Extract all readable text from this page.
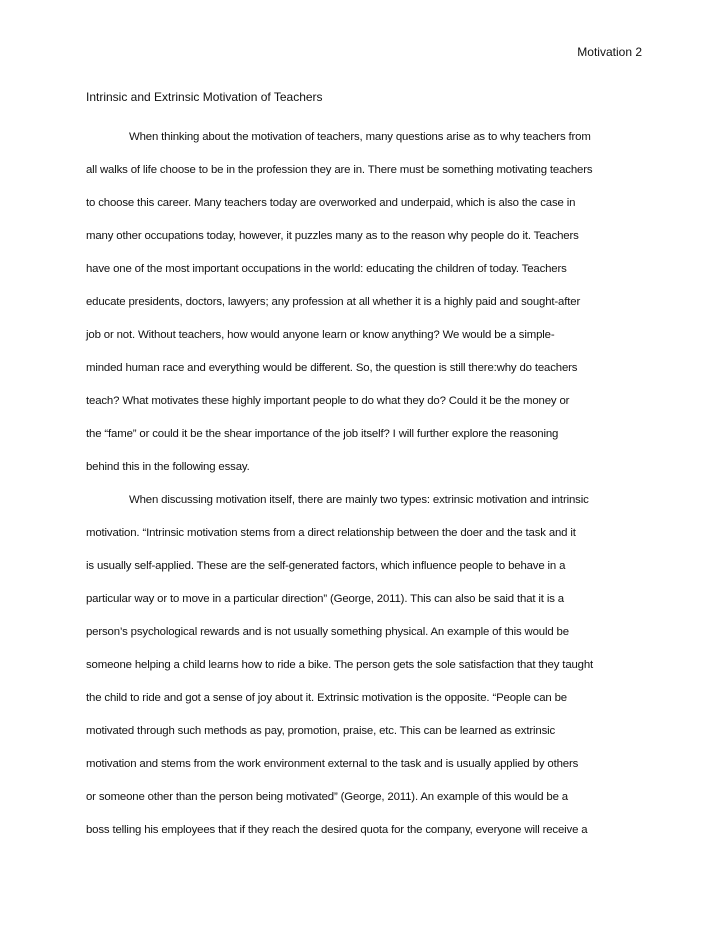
Motivation 2
Intrinsic and Extrinsic Motivation of Teachers
When thinking about the motivation of teachers, many questions arise as to why teachers from
all walks of life choose to be in the profession they are in. There must be something motivating teachers
to choose this career. Many teachers today are overworked and underpaid, which is also the case in
many other occupations today, however, it puzzles many as to the reason why people do it. Teachers
have one of the most important occupations in the world: educating the children of today. Teachers
educate presidents, doctors, lawyers; any profession at all whether it is a highly paid and sought-after
job or not. Without teachers, how would anyone learn or know anything? We would be a simple-
minded human race and everything would be different. So, the question is still there:why do teachers
teach? What motivates these highly important people to do what they do? Could it be the money or
the “fame” or could it be the shear importance of the job itself? I will further explore the reasoning
behind this in the following essay.
When discussing motivation itself, there are mainly two types: extrinsic motivation and intrinsic
motivation. “Intrinsic motivation stems from a direct relationship between the doer and the task and it
is usually self-applied. These are the self-generated factors, which influence people to behave in a
particular way or to move in a particular direction” (George, 2011). This can also be said that it is a
person’s psychological rewards and is not usually something physical. An example of this would be
someone helping a child learns how to ride a bike. The person gets the sole satisfaction that they taught
the child to ride and got a sense of joy about it. Extrinsic motivation is the opposite. “People can be
motivated through such methods as pay, promotion, praise, etc. This can be learned as extrinsic
motivation and stems from the work environment external to the task and is usually applied by others
or someone other than the person being motivated” (George, 2011). An example of this would be a
boss telling his employees that if they reach the desired quota for the company, everyone will receive a
